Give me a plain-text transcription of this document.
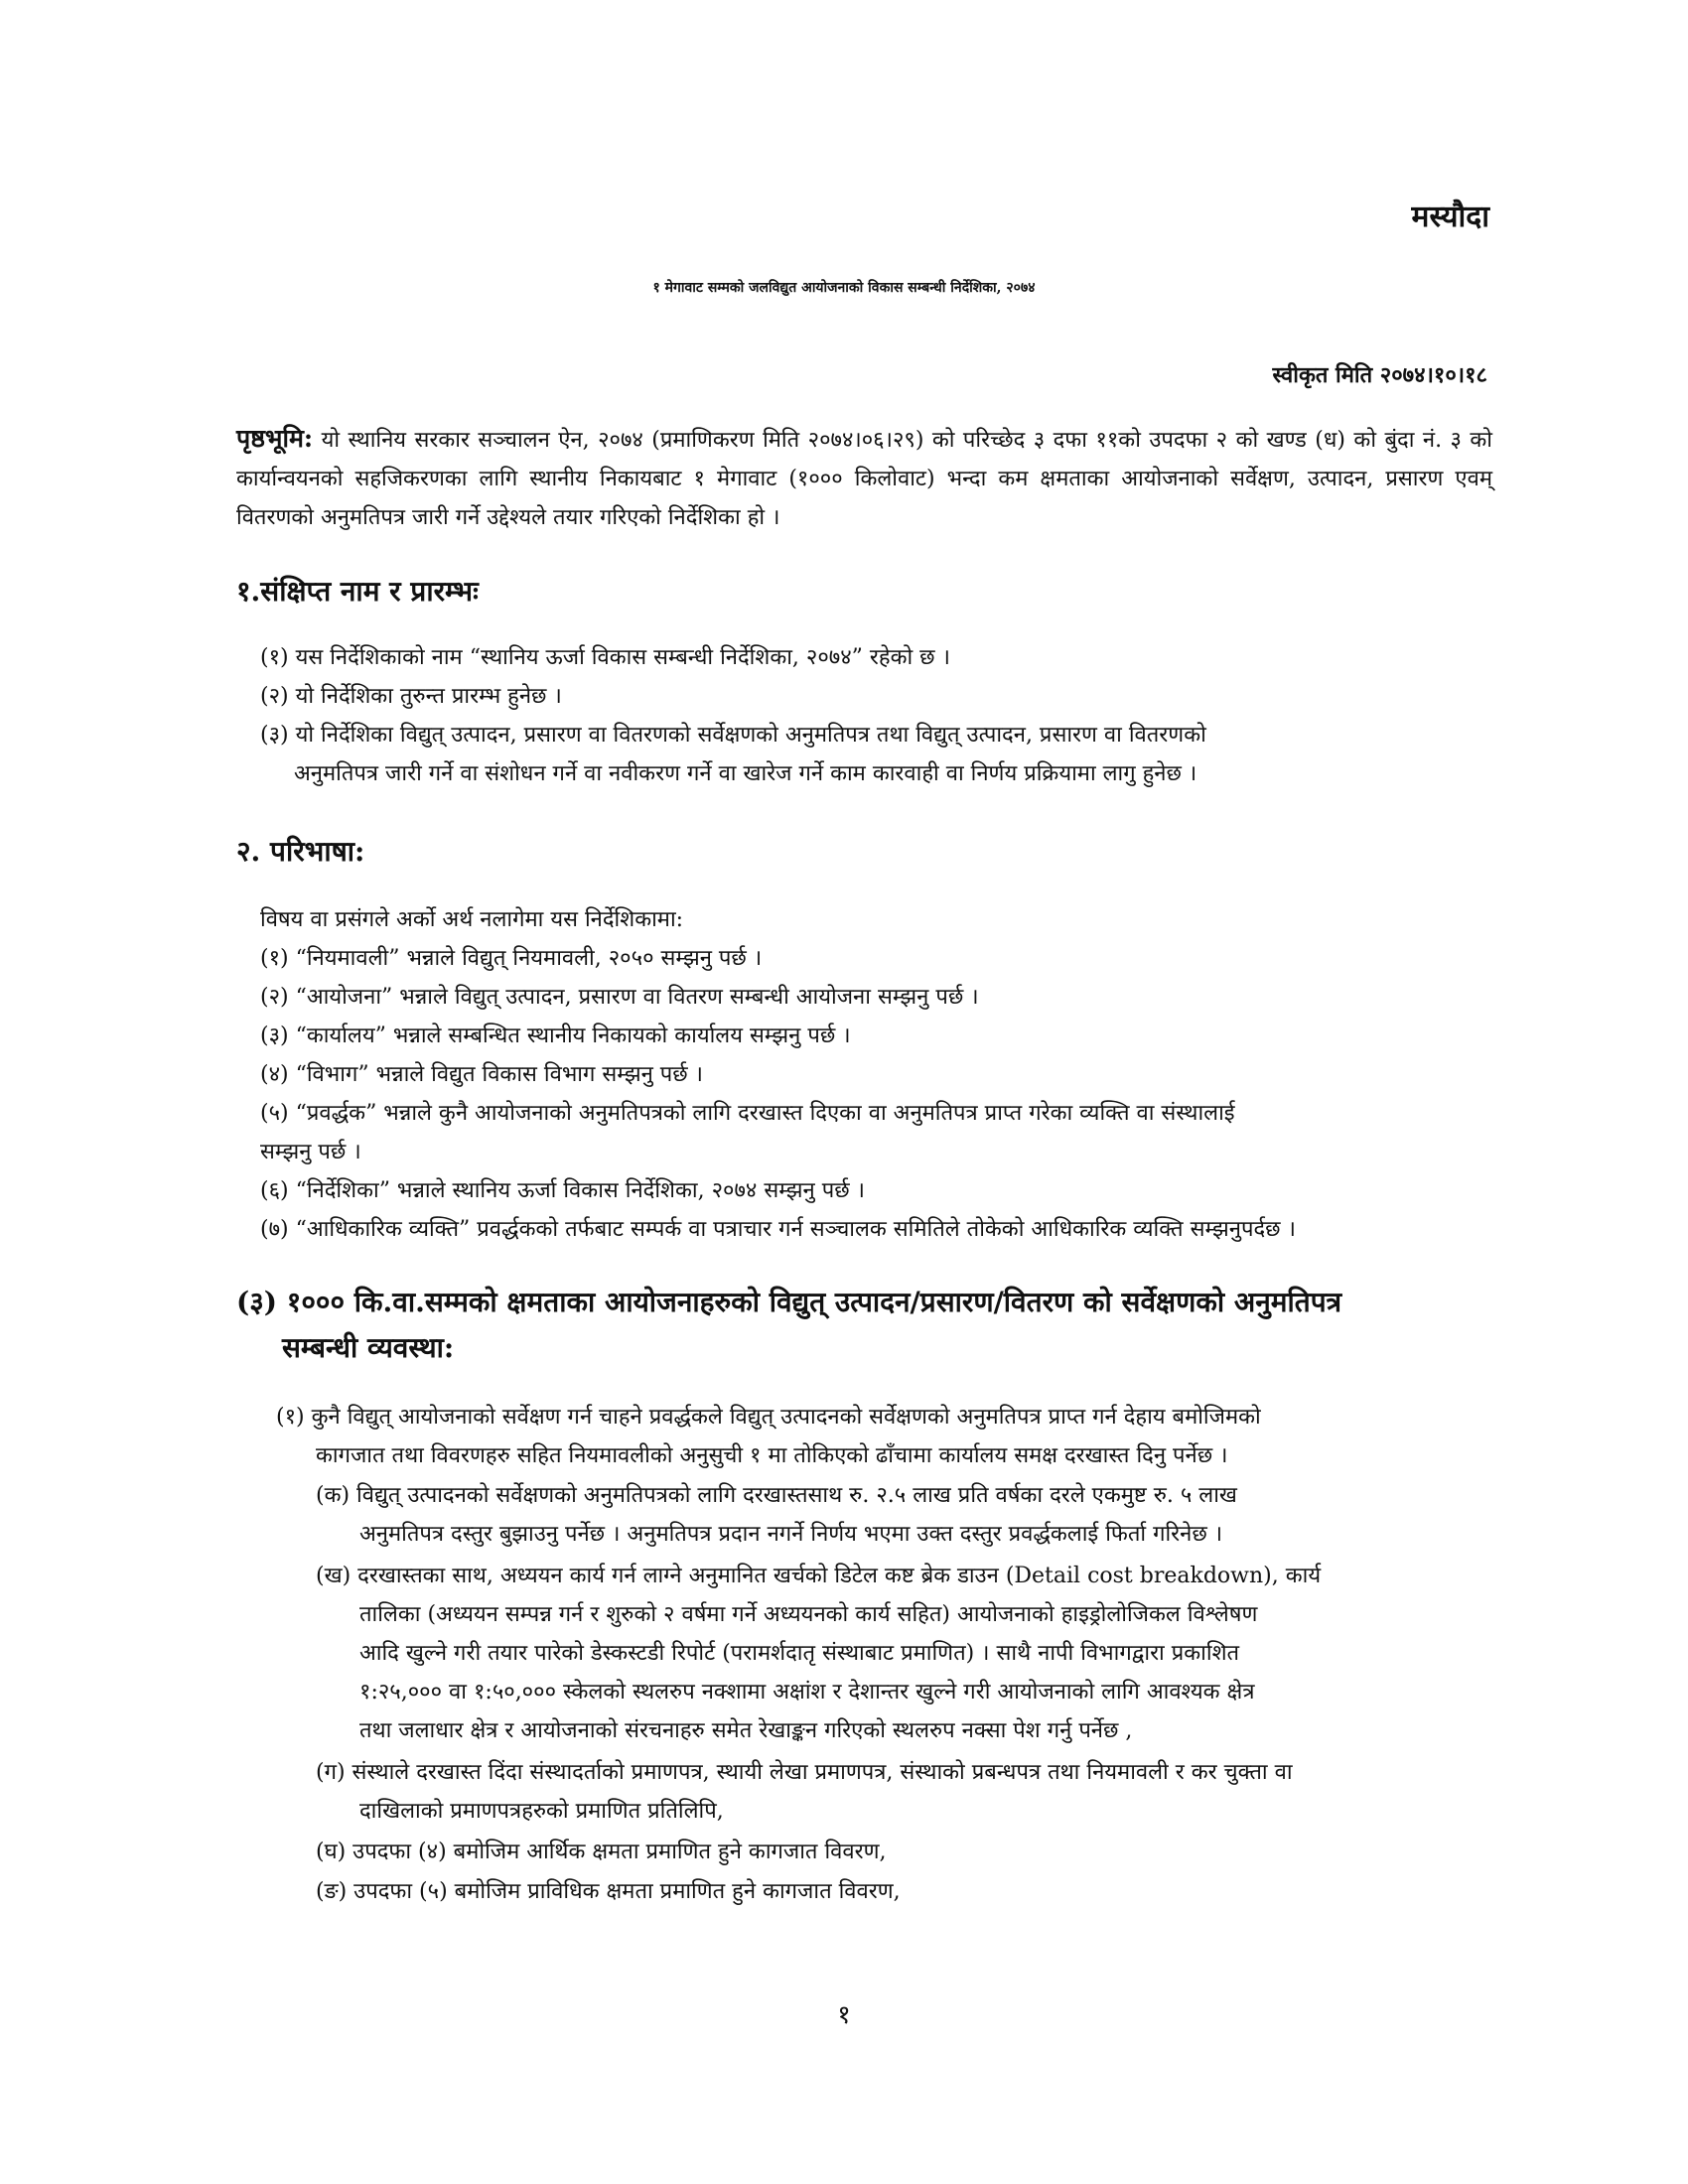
मस्यौदा
१ मेगावाट सम्मको जलविद्युत आयोजनाको विकास सम्बन्धी निर्देशिका, २०७४
स्वीकृत मिति २०७४।१०।१८
पृष्ठभूमि: यो स्थानिय सरकार सञ्चालन ऐन, २०७४ (प्रमाणिकरण मिति २०७४।०६।२९) को परिच्छेद ३ दफा ११को उपदफा २ को खण्ड (ध) को बुंदा नं. ३ को कार्यान्वयनको सहजिकरणका लागि स्थानीय निकायबाट १ मेगावाट (१००० किलोवाट) भन्दा कम क्षमताका आयोजनाको सर्वेक्षण, उत्पादन, प्रसारण एवम् वितरणको अनुमतिपत्र जारी गर्ने उद्देश्यले तयार गरिएको निर्देशिका हो ।
१.संक्षिप्त नाम र प्रारम्भः
(१) यस निर्देशिकाको नाम “स्थानिय ऊर्जा विकास सम्बन्धी निर्देशिका, २०७४” रहेको छ ।
(२) यो निर्देशिका तुरुन्त प्रारम्भ हुनेछ ।
(३) यो निर्देशिका विद्युत् उत्पादन, प्रसारण वा वितरणको सर्वेक्षणको अनुमतिपत्र तथा विद्युत् उत्पादन, प्रसारण वा वितरणको
अनुमतिपत्र जारी गर्ने वा संशोधन गर्ने वा नवीकरण गर्ने वा खारेज गर्ने काम कारवाही वा निर्णय प्रक्रियामा लागु हुनेछ ।
२. परिभाषा:
विषय वा प्रसंगले अर्को अर्थ नलागेमा यस निर्देशिकामा:
(१) “नियमावली” भन्नाले विद्युत् नियमावली, २०५० सम्झनु पर्छ ।
(२) “आयोजना” भन्नाले विद्युत् उत्पादन, प्रसारण वा वितरण सम्बन्धी आयोजना सम्झनु पर्छ ।
(३) “कार्यालय” भन्नाले सम्बन्धित स्थानीय निकायको कार्यालय सम्झनु पर्छ ।
(४) “विभाग” भन्नाले विद्युत विकास विभाग सम्झनु पर्छ ।
(५) “प्रवर्द्धक” भन्नाले कुनै आयोजनाको अनुमतिपत्रको लागि दरखास्त दिएका वा अनुमतिपत्र प्राप्त गरेका व्यक्ति वा संस्थालाई
सम्झनु पर्छ ।
(६) “निर्देशिका” भन्नाले स्थानिय ऊर्जा विकास निर्देशिका, २०७४ सम्झनु पर्छ ।
(७) “आधिकारिक व्यक्ति” प्रवर्द्धकको तर्फबाट सम्पर्क वा पत्राचार गर्न सञ्चालक समितिले तोकेको आधिकारिक व्यक्ति सम्झनुपर्दछ ।
(३) १००० कि.वा.सम्मको क्षमताका आयोजनाहरुको विद्युत् उत्पादन/प्रसारण/वितरण को सर्वेक्षणको अनुमतिपत्र
सम्बन्धी व्यवस्था:
(१) कुनै विद्युत् आयोजनाको सर्वेक्षण गर्न चाहने प्रवर्द्धकले विद्युत् उत्पादनको सर्वेक्षणको अनुमतिपत्र प्राप्त गर्न देहाय बमोजिमको
कागजात तथा विवरणहरु सहित नियमावलीको अनुसुची १ मा तोकिएको ढाँचामा कार्यालय समक्ष दरखास्त दिनु पर्नेछ ।
(क) विद्युत् उत्पादनको सर्वेक्षणको अनुमतिपत्रको लागि दरखास्तसाथ रु. २.५ लाख प्रति वर्षका दरले एकमुष्ट रु. ५ लाख
अनुमतिपत्र दस्तुर बुझाउनु पर्नेछ । अनुमतिपत्र प्रदान नगर्ने निर्णय भएमा उक्त दस्तुर प्रवर्द्धकलाई फिर्ता गरिनेछ ।
(ख) दरखास्तका साथ, अध्ययन कार्य गर्न लाग्ने अनुमानित खर्चको डिटेल कष्ट ब्रेक डाउन (Detail cost breakdown), कार्य
तालिका (अध्ययन सम्पन्न गर्न र शुरुको २ वर्षमा गर्ने अध्ययनको कार्य सहित) आयोजनाको हाइड्रोलोजिकल विश्लेषण
आदि खुल्ने गरी तयार पारेको डेस्कस्टडी रिपोर्ट (परामर्शदातृ संस्थाबाट प्रमाणित) । साथै नापी विभागद्वारा प्रकाशित
१:२५,००० वा १:५०,००० स्केलको स्थलरुप नक्शामा अक्षांश र देशान्तर खुल्ने गरी आयोजनाको लागि आवश्यक क्षेत्र
तथा जलाधार क्षेत्र र आयोजनाको संरचनाहरु समेत रेखाङ्कन गरिएको स्थलरुप नक्सा पेश गर्नु पर्नेछ ,
(ग) संस्थाले दरखास्त दिंदा संस्थादर्ताको प्रमाणपत्र, स्थायी लेखा प्रमाणपत्र, संस्थाको प्रबन्धपत्र तथा नियमावली र कर चुक्ता वा
दाखिलाको प्रमाणपत्रहरुको प्रमाणित प्रतिलिपि,
(घ) उपदफा (४) बमोजिम आर्थिक क्षमता प्रमाणित हुने कागजात विवरण,
(ङ) उपदफा (५) बमोजिम प्राविधिक क्षमता प्रमाणित हुने कागजात विवरण,
१
